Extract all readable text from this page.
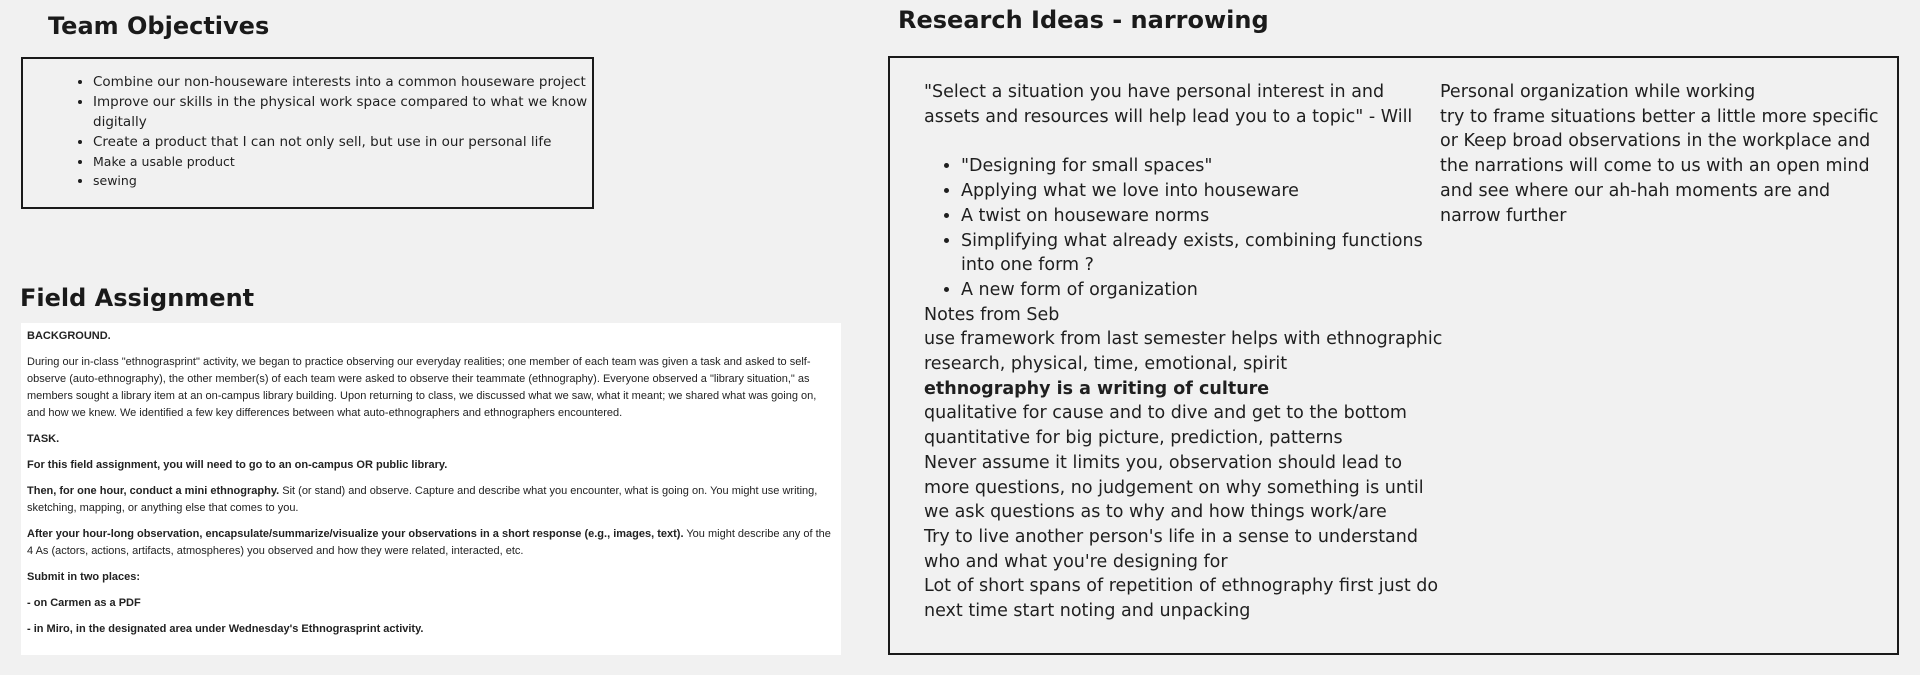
Team Objectives
• Combine our non-houseware interests into a common houseware project
• Improve our skills in the physical work space compared to what we know digitally
• Create a product that I can not only sell, but use in our personal life
• Make a usable product
• sewing
Field Assignment

BACKGROUND.

During our in-class "ethnograsprint" activity, we began to practice observing our everyday realities; one member of each team was given a task and asked to self-observe (auto-ethnography), the other member(s) of each team were asked to observe their teammate (ethnography). Everyone observed a "library situation," as members sought a library item at an on-campus library building. Upon returning to class, we discussed what we saw, what it meant; we shared what was going on, and how we knew. We identified a few key differences between what auto-ethnographers and ethnographers encountered.

TASK.

For this field assignment, you will need to go to an on-campus OR public library.

Then, for one hour, conduct a mini ethnography. Sit (or stand) and observe. Capture and describe what you encounter, what is going on. You might use writing, sketching, mapping, or anything else that comes to you.

After your hour-long observation, encapsulate/summarize/visualize your observations in a short response (e.g., images, text). You might describe any of the 4 As (actors, actions, artifacts, atmospheres) you observed and how they were related, interacted, etc.

Submit in two places:

- on Carmen as a PDF

- in Miro, in the designated area under Wednesday's Ethnograsprint activity.

Research Ideas - narrowing

"Select a situation you have personal interest in and assets and resources will help lead you to a topic" - Will

• "Designing for small spaces"
• Applying what we love into houseware
• A twist on houseware norms
• Simplifying what already exists, combining functions into one form ?
• A new form of organization

Notes from Seb

use framework from last semester helps with ethnographic research, physical, time, emotional, spirit

ethnography is a writing of culture

qualitative for cause and to dive and get to the bottom

quantitative for big picture, prediction, patterns

Never assume it limits you, observation should lead to more questions, no judgement on why something is until we ask questions as to why and how things work/are

Try to live another person's life in a sense to understand who and what you're designing for

Lot of short spans of repetition of ethnography first just do next time start noting and unpacking

Personal organization while working

try to frame situations better a little more specific or Keep broad observations in the workplace and the narrations will come to us with an open mind and see where our ah-hah moments are and narrow further
